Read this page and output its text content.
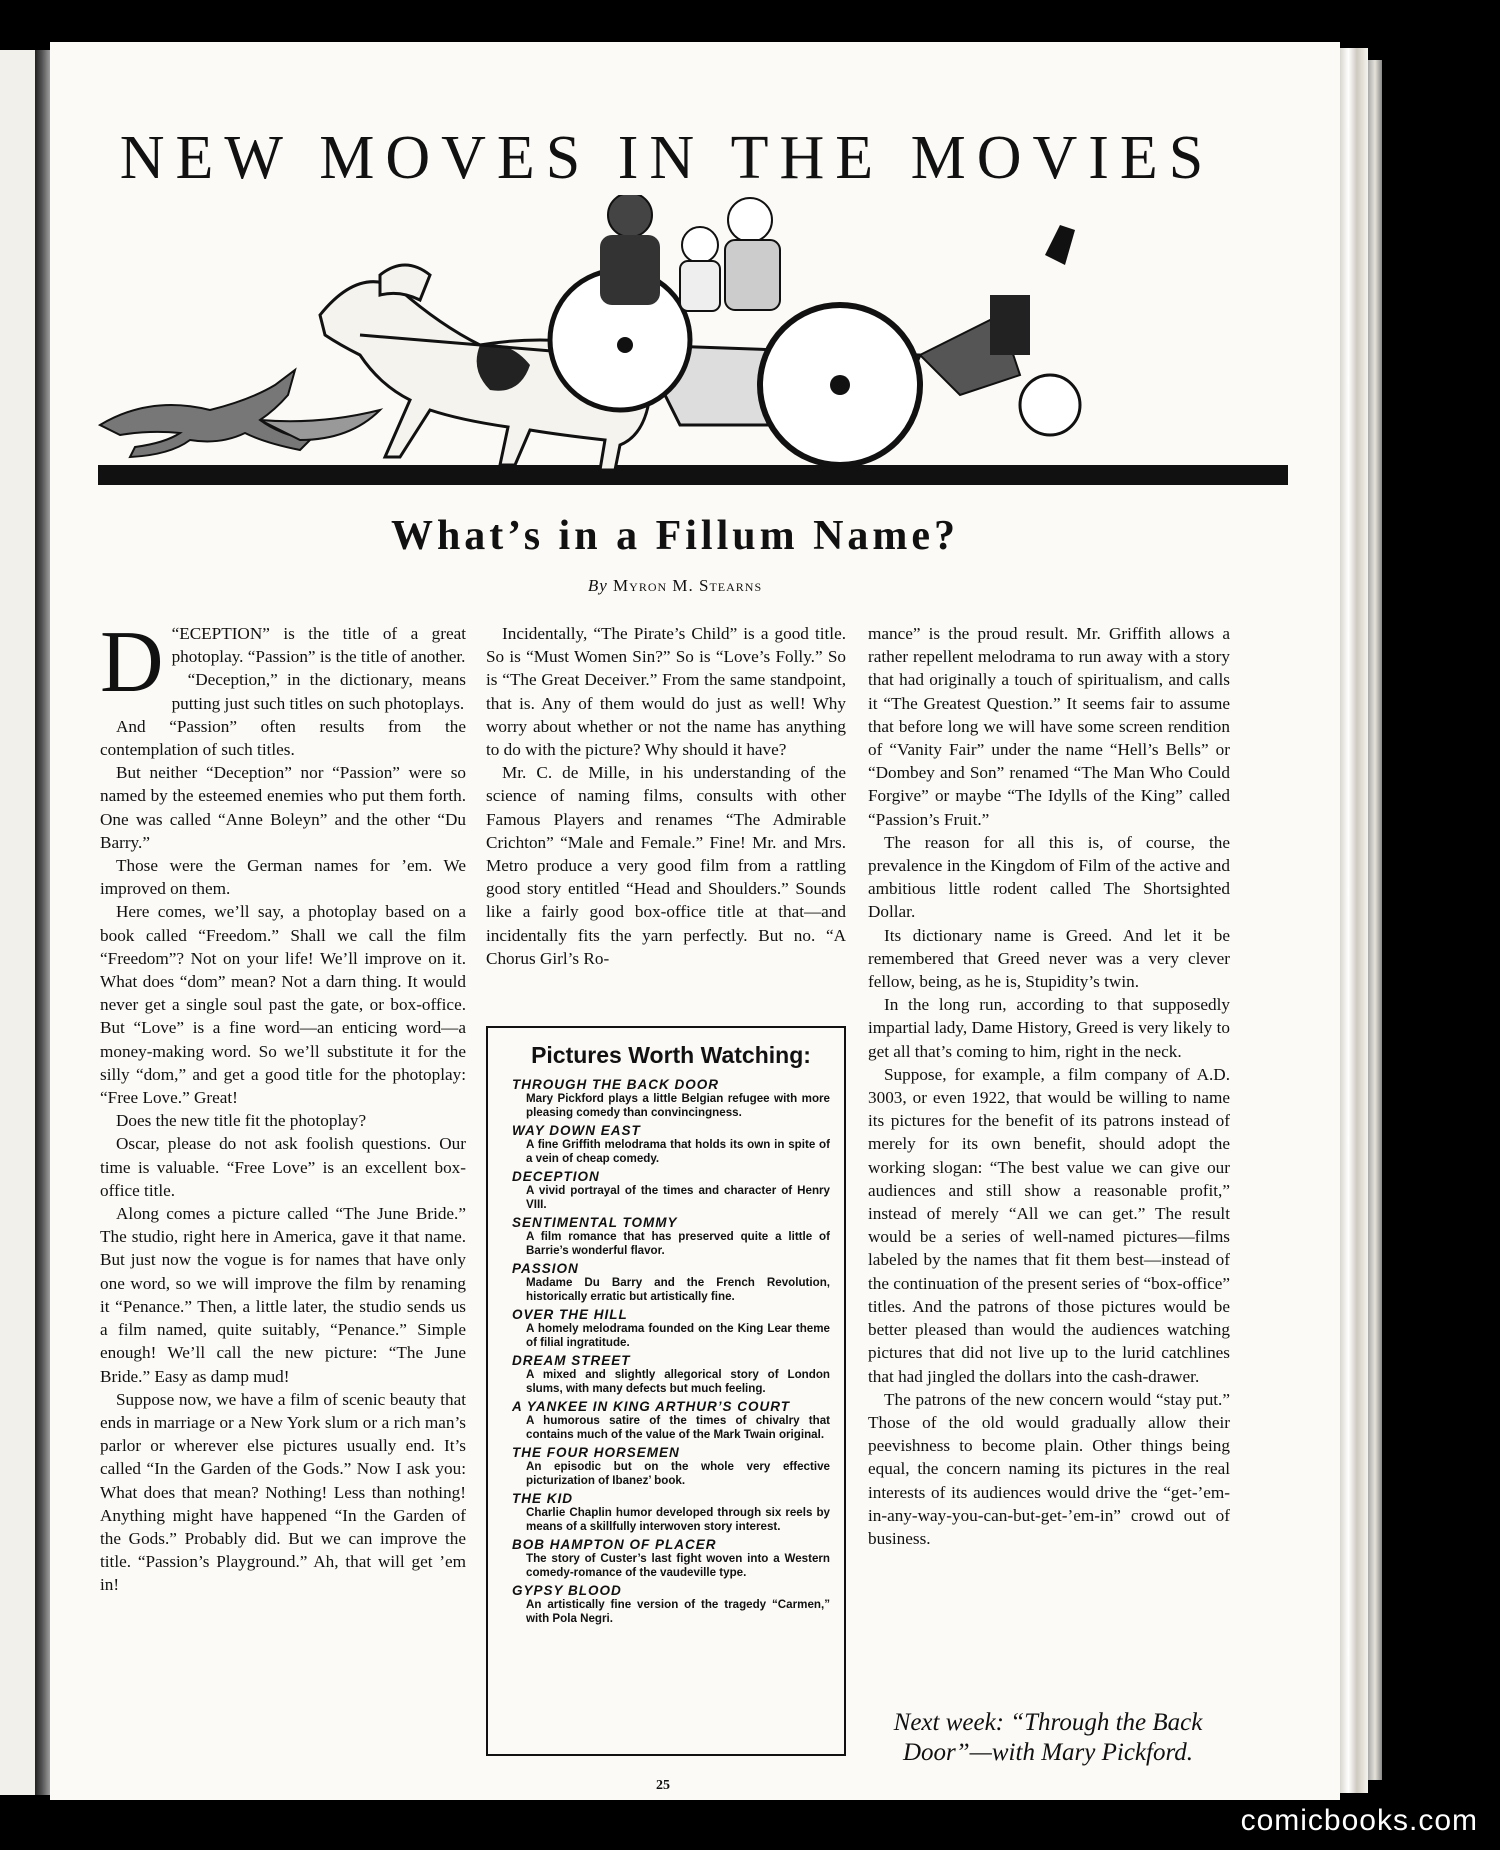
NEW MOVES IN THE MOVIES
What’s in a Fillum Name?
By Myron M. Stearns
D “ECEPTION” is the title of a great photoplay. “Passion” is the title of another.

“Deception,” in the dictionary, means putting just such titles on such photoplays.

And “Passion” often results from the contemplation of such titles.

But neither “Deception” nor “Passion” were so named by the esteemed enemies who put them forth. One was called “Anne Boleyn” and the other “Du Barry.”

Those were the German names for ’em. We improved on them.

Here comes, we’ll say, a photoplay based on a book called “Freedom.” Shall we call the film “Freedom”? Not on your life! We’ll improve on it. What does “dom” mean? Not a darn thing. It would never get a single soul past the gate, or box-office. But “Love” is a fine word—an enticing word—a money-making word. So we’ll substitute it for the silly “dom,” and get a good title for the photoplay: “Free Love.” Great!

Does the new title fit the photoplay?

Oscar, please do not ask foolish questions. Our time is valuable. “Free Love” is an excellent box-office title.

Along comes a picture called “The June Bride.” The studio, right here in America, gave it that name. But just now the vogue is for names that have only one word, so we will improve the film by renaming it “Penance.” Then, a little later, the studio sends us a film named, quite suitably, “Penance.” Simple enough! We’ll call the new picture: “The June Bride.” Easy as damp mud!

Suppose now, we have a film of scenic beauty that ends in marriage or a New York slum or a rich man’s parlor or wherever else pictures usually end. It’s called “In the Garden of the Gods.” Now I ask you: What does that mean? Nothing! Less than nothing! Anything might have happened “In the Garden of the Gods.” Probably did. But we can improve the title. “Passion’s Playground.” Ah, that will get ’em in!

Incidentally, “The Pirate’s Child” is a good title. So is “Must Women Sin?” So is “Love’s Folly.” So is “The Great Deceiver.” From the same standpoint, that is. Any of them would do just as well! Why worry about whether or not the name has anything to do with the picture? Why should it have?

Mr. C. de Mille, in his understanding of the science of naming films, consults with other Famous Players and renames “The Admirable Crichton” “Male and Female.” Fine! Mr. and Mrs. Metro produce a very good film from a rattling good story entitled “Head and Shoulders.” Sounds like a fairly good box-office title at that—and incidentally fits the yarn perfectly. But no. “A Chorus Girl’s Ro-

Pictures Worth Watching:
THROUGH THE BACK DOOR
Mary Pickford plays a little Belgian refugee with more pleasing comedy than convincingness.
WAY DOWN EAST
A fine Griffith melodrama that holds its own in spite of a vein of cheap comedy.
DECEPTION
A vivid portrayal of the times and character of Henry VIII.
SENTIMENTAL TOMMY
A film romance that has preserved quite a little of Barrie’s wonderful flavor.
PASSION
Madame Du Barry and the French Revolution, historically erratic but artistically fine.
OVER THE HILL
A homely melodrama founded on the King Lear theme of filial ingratitude.
DREAM STREET
A mixed and slightly allegorical story of London slums, with many defects but much feeling.
A YANKEE IN KING ARTHUR’S COURT
A humorous satire of the times of chivalry that contains much of the value of the Mark Twain original.
THE FOUR HORSEMEN
An episodic but on the whole very effective picturization of Ibanez’ book.
THE KID
Charlie Chaplin humor developed through six reels by means of a skillfully interwoven story interest.
BOB HAMPTON OF PLACER
The story of Custer’s last fight woven into a Western comedy-romance of the vaudeville type.
GYPSY BLOOD
An artistically fine version of the tragedy “Carmen,” with Pola Negri.

mance” is the proud result. Mr. Griffith allows a rather repellent melodrama to run away with a story that had originally a touch of spiritualism, and calls it “The Greatest Question.” It seems fair to assume that before long we will have some screen rendition of “Vanity Fair” under the name “Hell’s Bells” or “Dombey and Son” renamed “The Man Who Could Forgive” or maybe “The Idylls of the King” called “Passion’s Fruit.”

The reason for all this is, of course, the prevalence in the Kingdom of Film of the active and ambitious little rodent called The Shortsighted Dollar.

Its dictionary name is Greed. And let it be remembered that Greed never was a very clever fellow, being, as he is, Stupidity’s twin.

In the long run, according to that supposedly impartial lady, Dame History, Greed is very likely to get all that’s coming to him, right in the neck.

Suppose, for example, a film company of A.D. 3003, or even 1922, that would be willing to name its pictures for the benefit of its patrons instead of merely for its own benefit, should adopt the working slogan: “The best value we can give our audiences and still show a reasonable profit,” instead of merely “All we can get.” The result would be a series of well-named pictures—films labeled by the names that fit them best—instead of the continuation of the present series of “box-office” titles. And the patrons of those pictures would be better pleased than would the audiences watching pictures that did not live up to the lurid catchlines that had jingled the dollars into the cash-drawer.

The patrons of the new concern would “stay put.” Those of the old would gradually allow their peevishness to become plain. Other things being equal, the concern naming its pictures in the real interests of its audiences would drive the “get-’em-in-any-way-you-can-but-get-’em-in” crowd out of business.

Next week: “Through the Back
Door”—with Mary Pickford.
25
comicbooks.com
